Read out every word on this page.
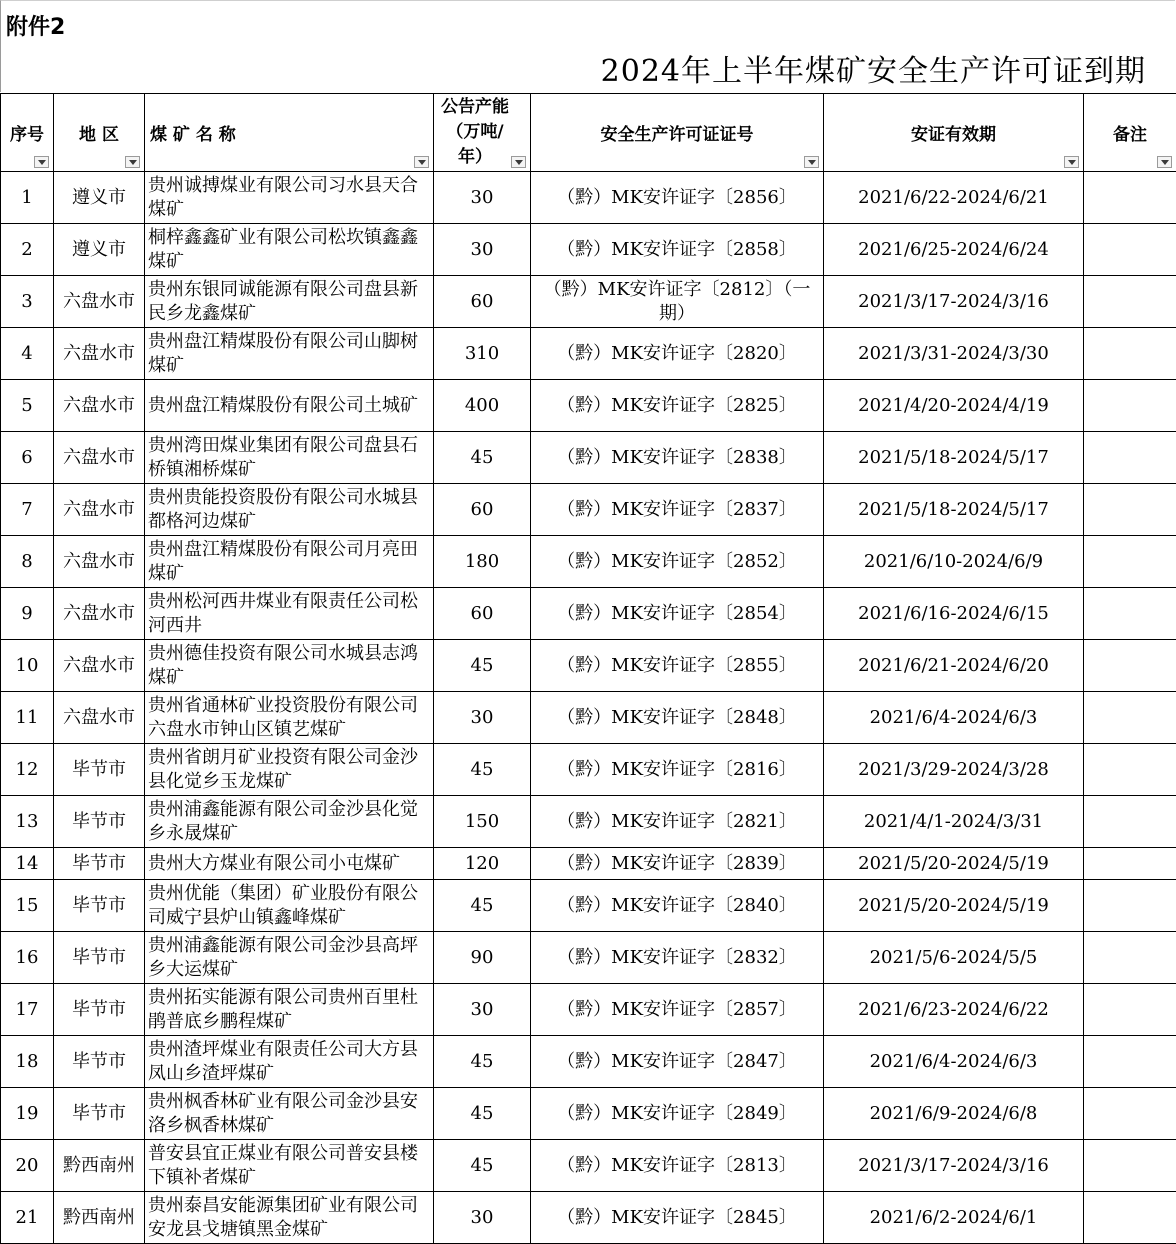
附件2
2024年上半年煤矿安全生产许可证到期
序号	地 区	煤 矿 名 称	公告产能（万吨/年）	安全生产许可证证号	安证有效期	备注

1	遵义市	贵州诚搏煤业有限公司习水县天合煤矿	30	（黔）MK安许证字〔2856〕	2021/6/22-2024/6/21	
2	遵义市	桐梓鑫鑫矿业有限公司松坎镇鑫鑫煤矿	30	（黔）MK安许证字〔2858〕	2021/6/25-2024/6/24	
3	六盘水市	贵州东银同诚能源有限公司盘县新民乡龙鑫煤矿	60	（黔）MK安许证字〔2812〕（一期）	2021/3/17-2024/3/16	
4	六盘水市	贵州盘江精煤股份有限公司山脚树煤矿	310	（黔）MK安许证字〔2820〕	2021/3/31-2024/3/30	
5	六盘水市	贵州盘江精煤股份有限公司土城矿	400	（黔）MK安许证字〔2825〕	2021/4/20-2024/4/19	
6	六盘水市	贵州湾田煤业集团有限公司盘县石桥镇湘桥煤矿	45	（黔）MK安许证字〔2838〕	2021/5/18-2024/5/17	
7	六盘水市	贵州贵能投资股份有限公司水城县都格河边煤矿	60	（黔）MK安许证字〔2837〕	2021/5/18-2024/5/17	
8	六盘水市	贵州盘江精煤股份有限公司月亮田煤矿	180	（黔）MK安许证字〔2852〕	2021/6/10-2024/6/9	
9	六盘水市	贵州松河西井煤业有限责任公司松河西井	60	（黔）MK安许证字〔2854〕	2021/6/16-2024/6/15	
10	六盘水市	贵州德佳投资有限公司水城县志鸿煤矿	45	（黔）MK安许证字〔2855〕	2021/6/21-2024/6/20	
11	六盘水市	贵州省通林矿业投资股份有限公司六盘水市钟山区镇艺煤矿	30	（黔）MK安许证字〔2848〕	2021/6/4-2024/6/3	
12	毕节市	贵州省朗月矿业投资有限公司金沙县化觉乡玉龙煤矿	45	（黔）MK安许证字〔2816〕	2021/3/29-2024/3/28	
13	毕节市	贵州浦鑫能源有限公司金沙县化觉乡永晟煤矿	150	（黔）MK安许证字〔2821〕	2021/4/1-2024/3/31	
14	毕节市	贵州大方煤业有限公司小屯煤矿	120	（黔）MK安许证字〔2839〕	2021/5/20-2024/5/19	
15	毕节市	贵州优能（集团）矿业股份有限公司威宁县炉山镇鑫峰煤矿	45	（黔）MK安许证字〔2840〕	2021/5/20-2024/5/19	
16	毕节市	贵州浦鑫能源有限公司金沙县高坪乡大运煤矿	90	（黔）MK安许证字〔2832〕	2021/5/6-2024/5/5	
17	毕节市	贵州拓实能源有限公司贵州百里杜鹃普底乡鹏程煤矿	30	（黔）MK安许证字〔2857〕	2021/6/23-2024/6/22	
18	毕节市	贵州渣坪煤业有限责任公司大方县凤山乡渣坪煤矿	45	（黔）MK安许证字〔2847〕	2021/6/4-2024/6/3	
19	毕节市	贵州枫香林矿业有限公司金沙县安洛乡枫香林煤矿	45	（黔）MK安许证字〔2849〕	2021/6/9-2024/6/8	
20	黔西南州	普安县宜正煤业有限公司普安县楼下镇补者煤矿	45	（黔）MK安许证字〔2813〕	2021/3/17-2024/3/16	
21	黔西南州	贵州泰昌安能源集团矿业有限公司安龙县戈塘镇黑金煤矿	30	（黔）MK安许证字〔2845〕	2021/6/2-2024/6/1	
